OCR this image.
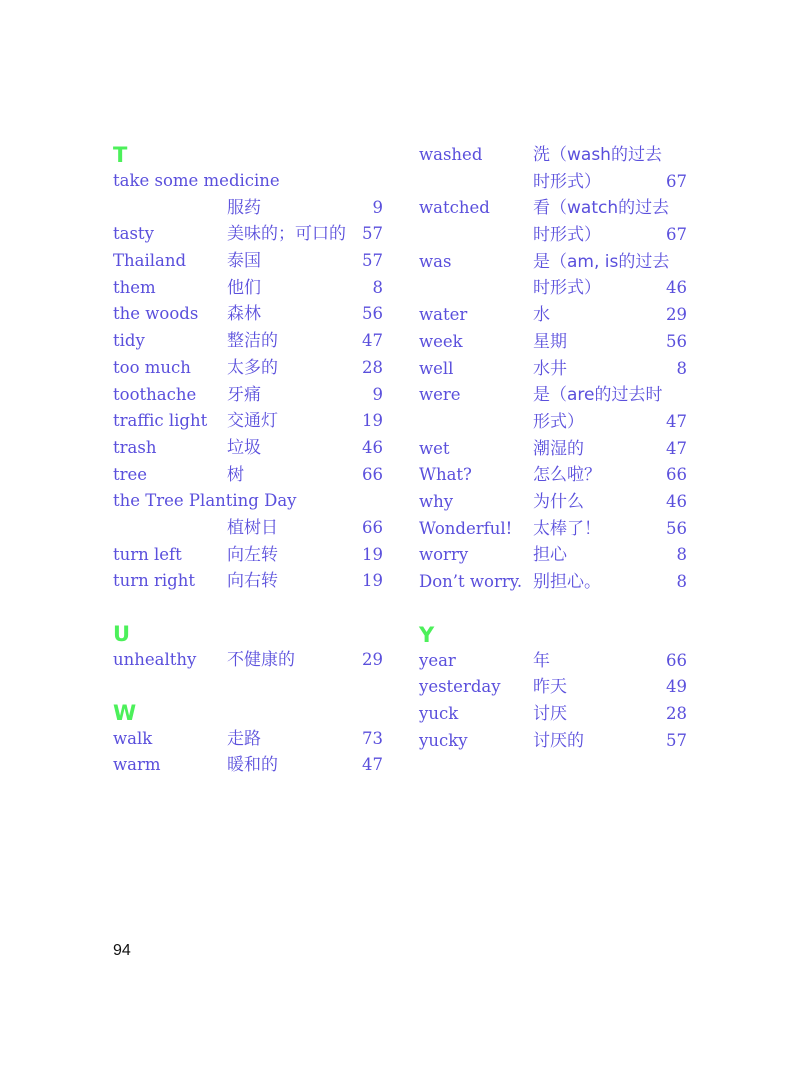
T
take some medicine
服药	9
tasty	美味的；可口的 57
Thailand 泰国	57
them	他们	8
the woods 森林	56
tidy	整洁的	47
too much 太多的	28
toothache 牙痛	9
traffic light 交通灯	19
trash	垃圾	46
tree	树	66
the Tree Planting Day
植树日	66
turn left	向左转	19
turn right 向右转	19
U
unhealthy 不健康的	29
W
walk	走路	73
warm	暖和的	47
washed	洗（wash的过去
时形式）	67
watched	看（watch的过去
时形式）	67
was	是（am, is的过去
时形式）	46
water	水	29
week	星期	56
well	水井	8
were	是（are的过去时
形式）	47
wet	潮湿的	47
What?	怎么啦？	66
why	为什么	46
Wonderful! 太棒了！	56
worry	担心	8
Don’t worry. 别担心。	8
Y
year	年	66
yesterday 昨天	49
yuck	讨厌	28
yucky	讨厌的	57
94
